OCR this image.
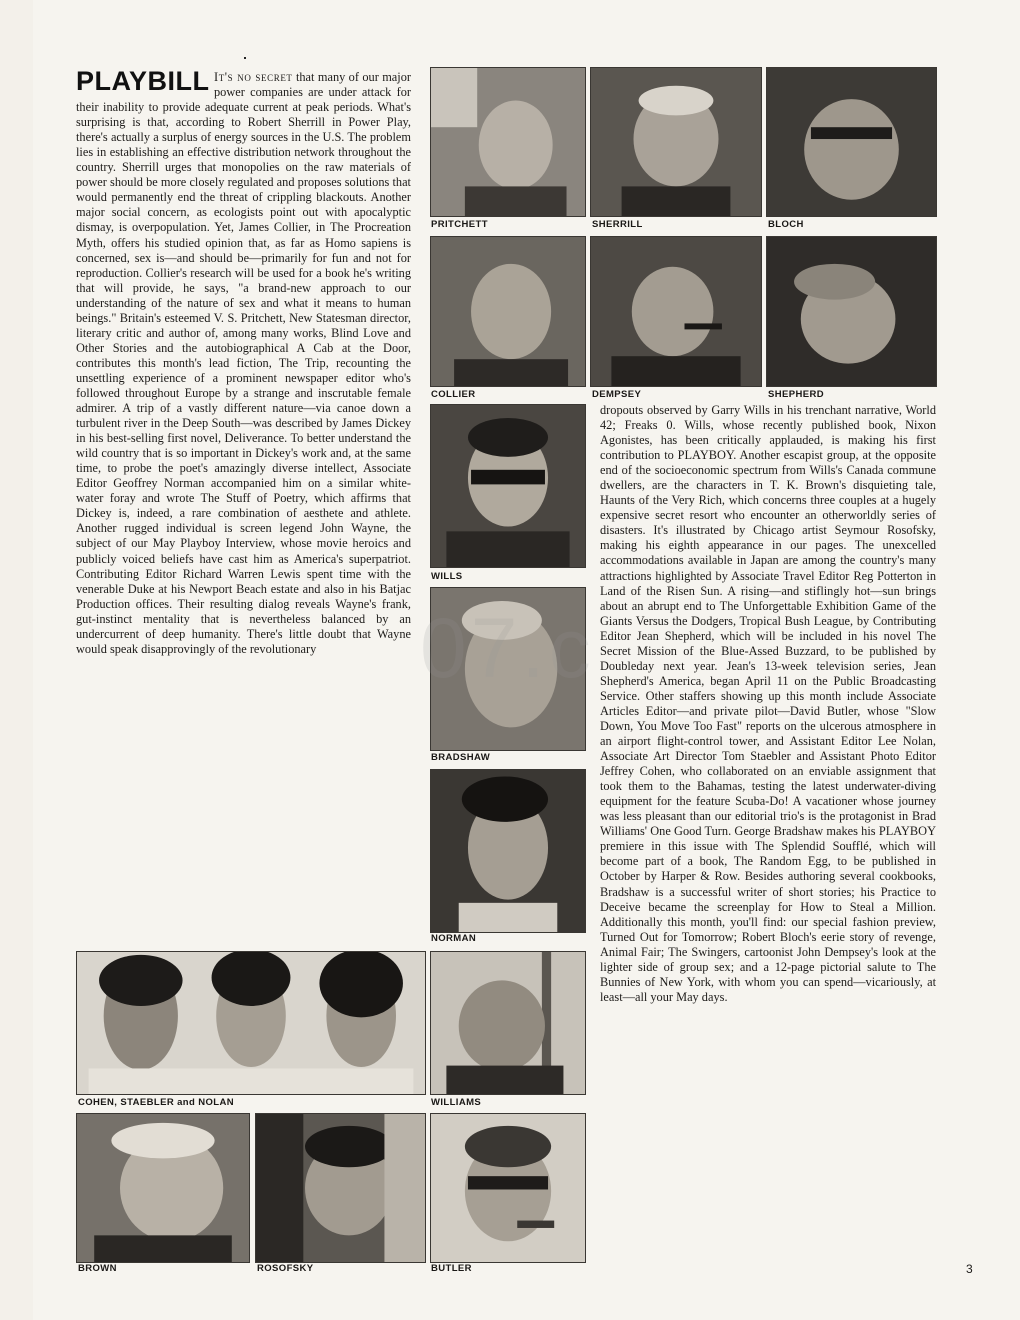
PLAYBILL It's no secret that many of our major power companies are under attack for their inability to provide adequate current at peak periods. What's surprising is that, according to Robert Sherrill in Power Play, there's actually a surplus of energy sources in the U.S. The problem lies in establishing an effective distribution network throughout the country. Sherrill urges that monopolies on the raw materials of power should be more closely regulated and proposes solutions that would permanently end the threat of crippling blackouts. Another major social concern, as ecologists point out with apocalyptic dismay, is overpopulation. Yet, James Collier, in The Procreation Myth, offers his studied opinion that, as far as Homo sapiens is concerned, sex is—and should be—primarily for fun and not for reproduction. Collier's research will be used for a book he's writing that will provide, he says, "a brand-new approach to our understanding of the nature of sex and what it means to human beings." Britain's esteemed V. S. Pritchett, New Statesman director, literary critic and author of, among many works, Blind Love and Other Stories and the autobiographical A Cab at the Door, contributes this month's lead fiction, The Trip, recounting the unsettling experience of a prominent newspaper editor who's followed throughout Europe by a strange and inscrutable female admirer. A trip of a vastly different nature—via canoe down a turbulent river in the Deep South—was described by James Dickey in his best-selling first novel, Deliverance. To better understand the wild country that is so important in Dickey's work and, at the same time, to probe the poet's amazingly diverse intellect, Associate Editor Geoffrey Norman accompanied him on a similar white-water foray and wrote The Stuff of Poetry, which affirms that Dickey is, indeed, a rare combination of aesthete and athlete. Another rugged individual is screen legend John Wayne, the subject of our May Playboy Interview, whose movie heroics and publicly voiced beliefs have cast him as America's superpatriot. Contributing Editor Richard Warren Lewis spent time with the venerable Duke at his Newport Beach estate and also in his Batjac Production offices. Their resulting dialog reveals Wayne's frank, gut-instinct mentality that is nevertheless balanced by an undercurrent of deep humanity. There's little doubt that Wayne would speak disapprovingly of the revolutionary

dropouts observed by Garry Wills in his trenchant narrative, World 42; Freaks 0. Wills, whose recently published book, Nixon Agonistes, has been critically applauded, is making his first contribution to PLAYBOY. Another escapist group, at the opposite end of the socioeconomic spectrum from Wills's Canada commune dwellers, are the characters in T. K. Brown's disquieting tale, Haunts of the Very Rich, which concerns three couples at a hugely expensive secret resort who encounter an otherworldly series of disasters. It's illustrated by Chicago artist Seymour Rosofsky, making his eighth appearance in our pages. The unexcelled accommodations available in Japan are among the country's many attractions highlighted by Associate Travel Editor Reg Potterton in Land of the Risen Sun. A rising—and stiflingly hot—sun brings about an abrupt end to The Unforgettable Exhibition Game of the Giants Versus the Dodgers, Tropical Bush League, by Contributing Editor Jean Shepherd, which will be included in his novel The Secret Mission of the Blue-Assed Buzzard, to be published by Doubleday next year. Jean's 13-week television series, Jean Shepherd's America, began April 11 on the Public Broadcasting Service. Other staffers showing up this month include Associate Articles Editor—and private pilot—David Butler, whose "Slow Down, You Move Too Fast" reports on the ulcerous atmosphere in an airport flight-control tower, and Assistant Editor Lee Nolan, Associate Art Director Tom Staebler and Assistant Photo Editor Jeffrey Cohen, who collaborated on an enviable assignment that took them to the Bahamas, testing the latest underwater-diving equipment for the feature Scuba-Do! A vacationer whose journey was less pleasant than our editorial trio's is the protagonist in Brad Williams' One Good Turn. George Bradshaw makes his PLAYBOY premiere in this issue with The Splendid Soufflé, which will become part of a book, The Random Egg, to be published in October by Harper & Row. Besides authoring several cookbooks, Bradshaw is a successful writer of short stories; his Practice to Deceive became the screenplay for How to Steal a Million. Additionally this month, you'll find: our special fashion preview, Turned Out for Tomorrow; Robert Bloch's eerie story of revenge, Animal Fair; The Swingers, cartoonist John Dempsey's look at the lighter side of group sex; and a 12-page pictorial salute to The Bunnies of New York, with whom you can spend—vicariously, at least—all your May days.

PRITCHETT	SHERRILL	BLOCH
COLLIER	DEMPSEY	SHEPHERD
WILLS
BRADSHAW
NORMAN
COHEN, STAEBLER and NOLAN	WILLIAMS
BROWN	ROSOFSKY	BUTLER	3
